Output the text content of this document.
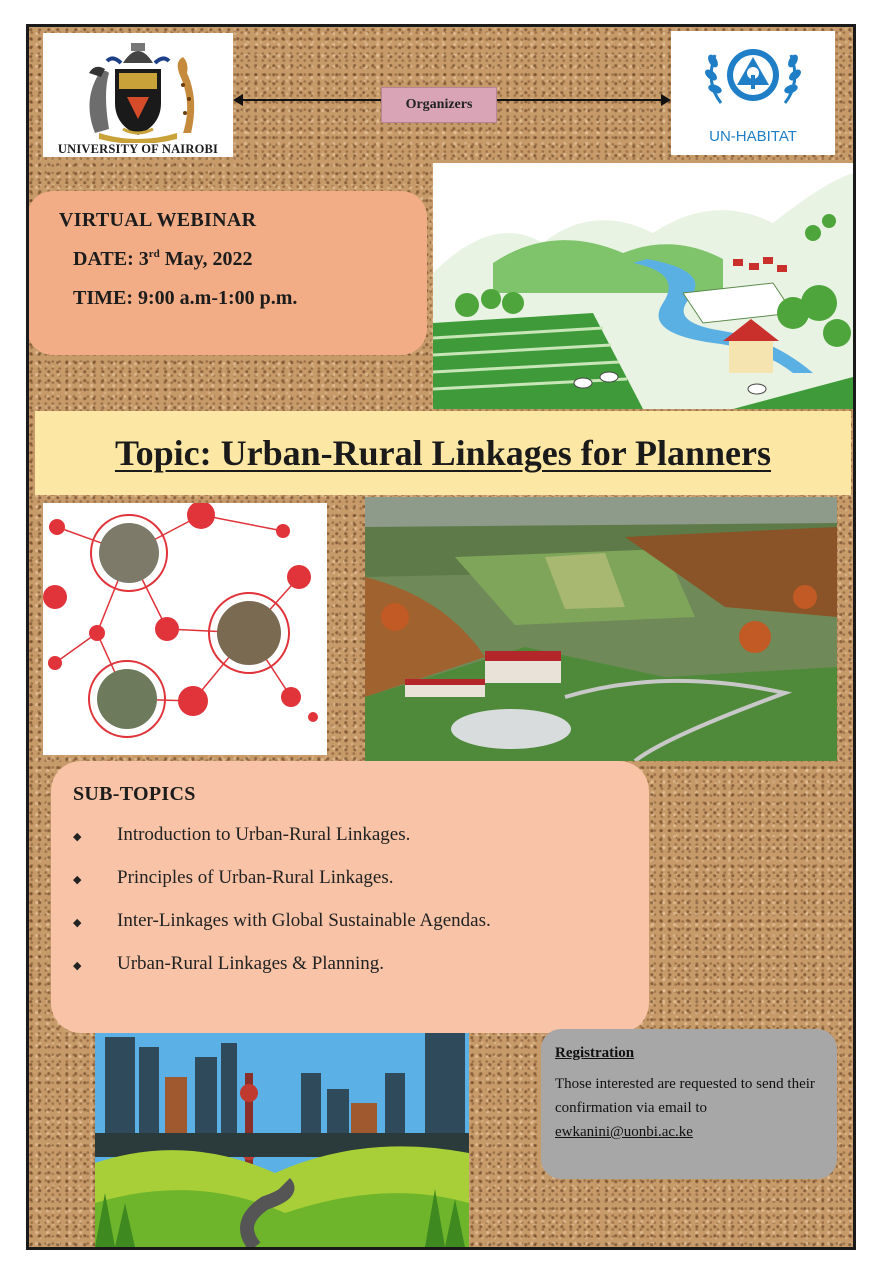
UNIVERSITY OF NAIROBI
Organizers
UN-HABITAT
VIRTUAL WEBINAR
DATE: 3rd May, 2022
TIME: 9:00 a.m-1:00 p.m.
Topic: Urban-Rural Linkages for Planners
SUB-TOPICS
◆	Introduction to Urban-Rural Linkages.
◆	Principles of Urban-Rural Linkages.
◆	Inter-Linkages with Global Sustainable Agendas.
◆	Urban-Rural Linkages & Planning.
Registration
Those interested are requested to send their confirmation via email to
ewkanini@uonbi.ac.ke
